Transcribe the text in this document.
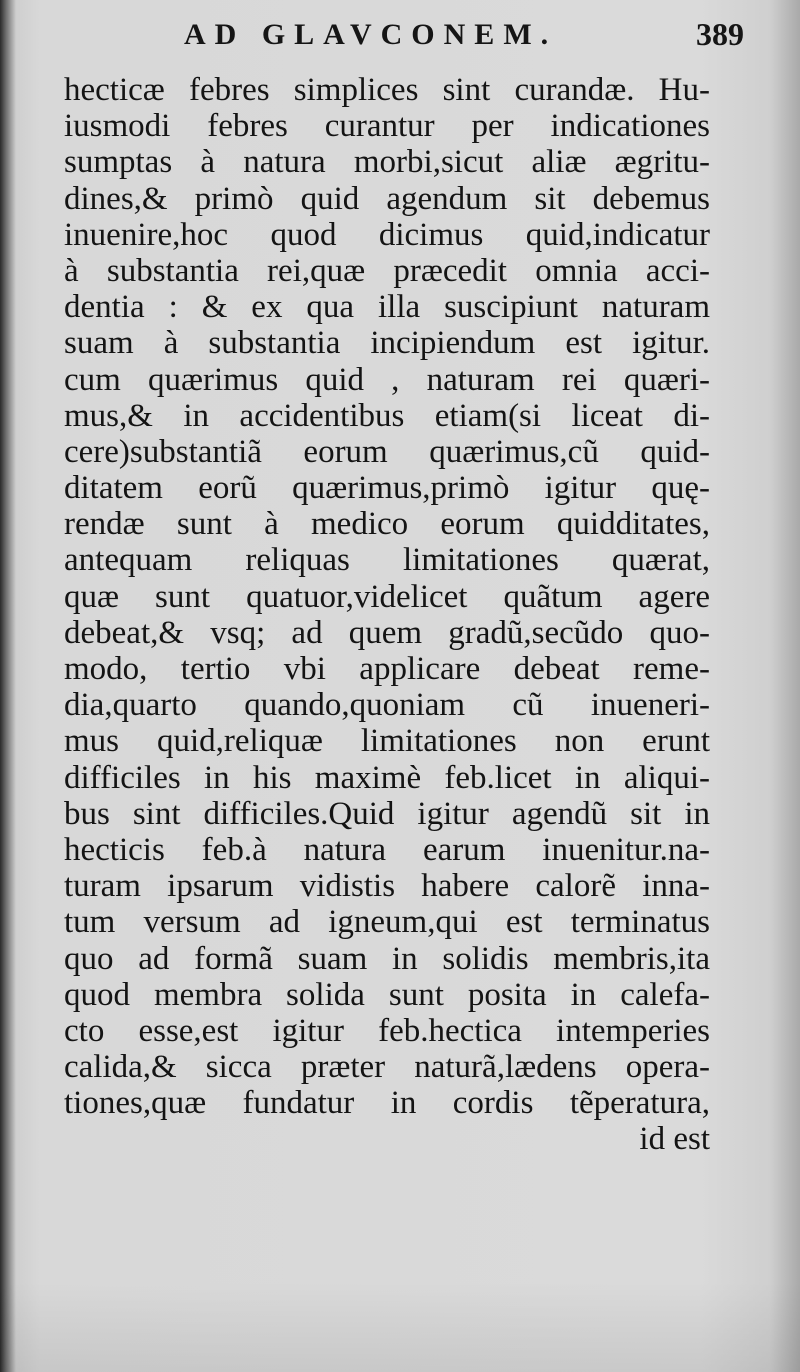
AD GLAVCONEM.	389
hecticæ febres simplices sint curandæ. Hu-
iusmodi febres curantur per indicationes
sumptas à natura morbi,sicut aliæ ægritu-
dines,& primò quid agendum sit debemus
inuenire,hoc quod dicimus quid,indicatur
à substantia rei,quæ præcedit omnia acci-
dentia : & ex qua illa suscipiunt naturam
suam à substantia incipiendum est igitur.
cum quærimus quid , naturam rei quæri-
mus,& in accidentibus etiam(si liceat di-
cere)substantiã eorum quærimus,cũ quid-
ditatem eorũ quærimus,primò igitur quę-
rendæ sunt à medico eorum quidditates,
antequam reliquas limitationes quærat,
quæ sunt quatuor,videlicet quãtum agere
debeat,& vsq; ad quem gradũ,secũdo quo-
modo, tertio vbi applicare debeat reme-
dia,quarto quando,quoniam cũ inueneri-
mus quid,reliquæ limitationes non erunt
difficiles in his maximè feb.licet in aliqui-
bus sint difficiles.Quid igitur agendũ sit in
hecticis feb.à natura earum inuenitur.na-
turam ipsarum vidistis habere calorẽ inna-
tum versum ad igneum,qui est terminatus
quo ad formã suam in solidis membris,ita
quod membra solida sunt posita in calefa-
cto esse,est igitur feb.hectica intemperies
calida,& sicca præter naturã,lædens opera-
tiones,quæ fundatur in cordis tẽperatura,
id est
